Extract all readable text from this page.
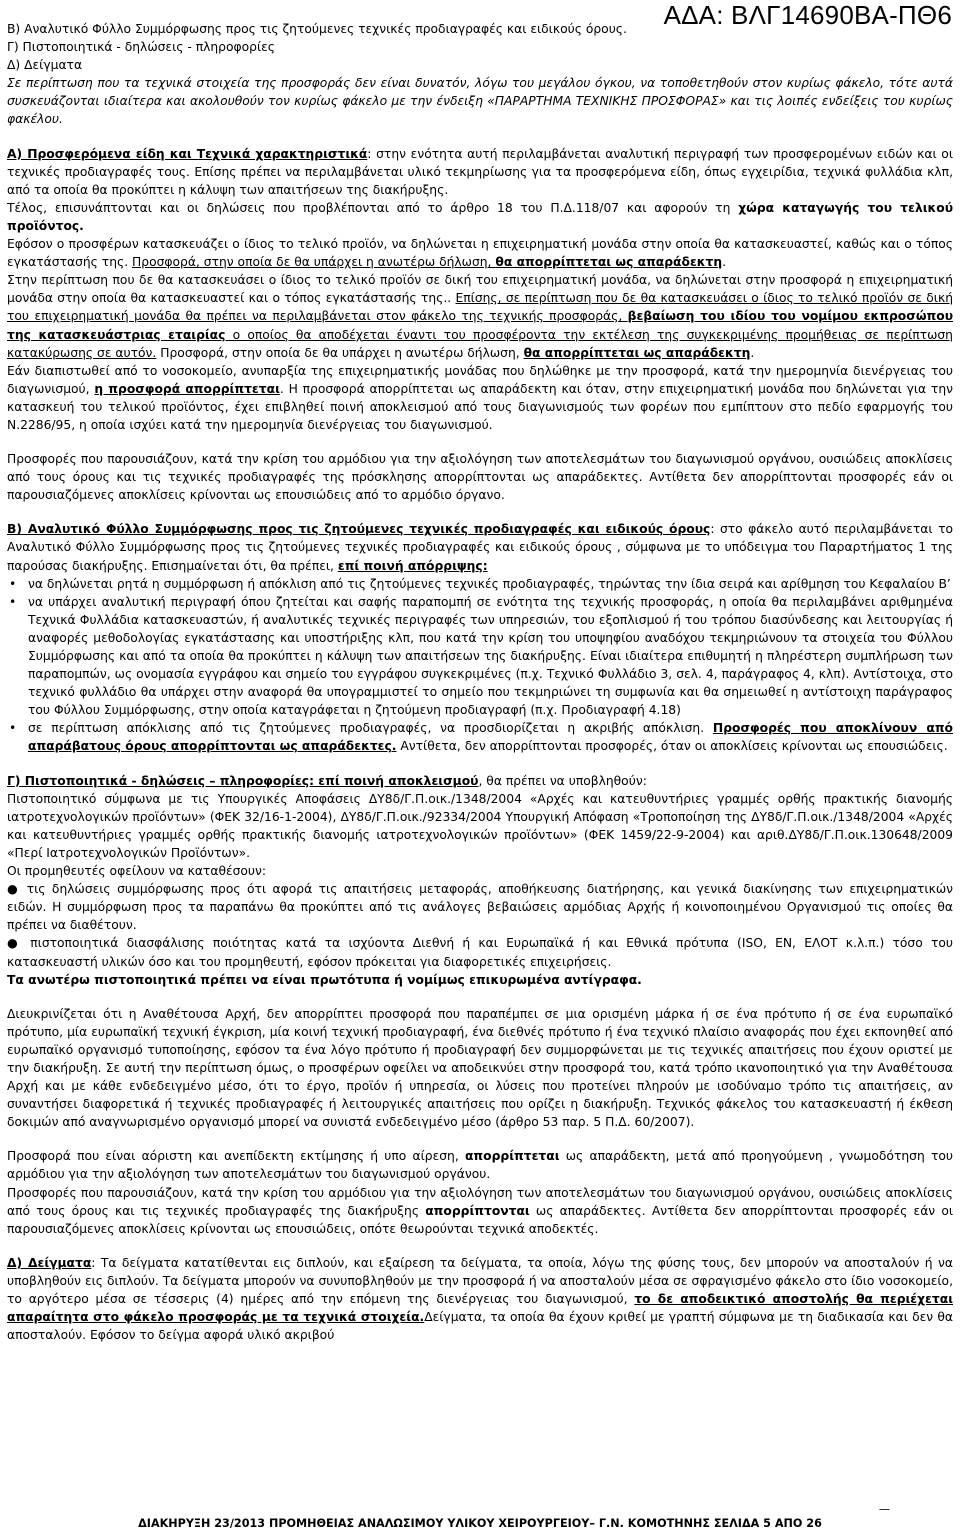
ΑΔΑ: ΒΛΓ14690ΒΑ-ΠΘ6

Β) Αναλυτικό Φύλλο Συμμόρφωσης προς τις ζητούμενες τεχνικές προδιαγραφές και ειδικούς όρους.

Γ) Πιστοποιητικά - δηλώσεις - πληροφορίες

Δ) Δείγματα

Σε περίπτωση που τα τεχνικά στοιχεία της προσφοράς δεν είναι δυνατόν, λόγω του μεγάλου όγκου, να τοποθετηθούν στον κυρίως φάκελο, τότε αυτά συσκευάζονται ιδιαίτερα και ακολουθούν τον κυρίως φάκελο με την ένδειξη «ΠΑΡΑΡΤΗΜΑ ΤΕΧΝΙΚΗΣ ΠΡΟΣΦΟΡΑΣ» και τις λοιπές ενδείξεις του κυρίως φακέλου.

Α) Προσφερόμενα είδη και Τεχνικά χαρακτηριστικά: στην ενότητα αυτή περιλαμβάνεται αναλυτική περιγραφή των προσφερομένων ειδών και οι τεχνικές προδιαγραφές τους. Επίσης πρέπει να περιλαμβάνεται υλικό τεκμηρίωσης για τα προσφερόμενα είδη, όπως εγχειρίδια, τεχνικά φυλλάδια κλπ, από τα οποία θα προκύπτει η κάλυψη των απαιτήσεων της διακήρυξης.

Τέλος, επισυνάπτονται και οι δηλώσεις που προβλέπονται από το άρθρο 18 του Π.Δ.118/07 και αφορούν τη χώρα καταγωγής του τελικού προϊόντος.

Εφόσον ο προσφέρων κατασκευάζει ο ίδιος το τελικό προϊόν, να δηλώνεται η επιχειρηματική μονάδα στην οποία θα κατασκευαστεί, καθώς και ο τόπος εγκατάστασής της. Προσφορά, στην οποία δε θα υπάρχει η ανωτέρω δήλωση, θα απορρίπτεται ως απαράδεκτη.

Στην περίπτωση που δε θα κατασκευάσει ο ίδιος το τελικό προϊόν σε δική του επιχειρηματική μονάδα, να δηλώνεται στην προσφορά η επιχειρηματική μονάδα στην οποία θα κατασκευαστεί και ο τόπος εγκατάστασής της.. Επίσης, σε περίπτωση που δε θα κατασκευάσει ο ίδιος το τελικό προϊόν σε δική του επιχειρηματική μονάδα θα πρέπει να περιλαμβάνεται στον φάκελο της τεχνικής προσφοράς, βεβαίωση του ιδίου του νομίμου εκπροσώπου της κατασκευάστριας εταιρίας ο οποίος θα αποδέχεται έναντι του προσφέροντα την εκτέλεση της συγκεκριμένης προμήθειας σε περίπτωση κατακύρωσης σε αυτόν. Προσφορά, στην οποία δε θα υπάρχει η ανωτέρω δήλωση, θα απορρίπτεται ως απαράδεκτη.

Εάν διαπιστωθεί από το νοσοκομείο, ανυπαρξία της επιχειρηματικής μονάδας που δηλώθηκε με την προσφορά, κατά την ημερομηνία διενέργειας του διαγωνισμού, η προσφορά απορρίπτεται. Η προσφορά απορρίπτεται ως απαράδεκτη και όταν, στην επιχειρηματική μονάδα που δηλώνεται για την κατασκευή του τελικού προϊόντος, έχει επιβληθεί ποινή αποκλεισμού από τους διαγωνισμούς των φορέων που εμπίπτουν στο πεδίο εφαρμογής του Ν.2286/95, η οποία ισχύει κατά την ημερομηνία διενέργειας του διαγωνισμού.

Προσφορές που παρουσιάζουν, κατά την κρίση του αρμόδιου για την αξιολόγηση των αποτελεσμάτων του διαγωνισμού οργάνου, ουσιώδεις αποκλίσεις από τους όρους και τις τεχνικές προδιαγραφές της πρόσκλησης απορρίπτονται ως απαράδεκτες. Αντίθετα δεν απορρίπτονται προσφορές εάν οι παρουσιαζόμενες αποκλίσεις κρίνονται ως επουσιώδεις από το αρμόδιο όργανο.

Β) Αναλυτικό Φύλλο Συμμόρφωσης προς τις ζητούμενες τεχνικές προδιαγραφές και ειδικούς όρους: στο φάκελο αυτό περιλαμβάνεται το Αναλυτικό Φύλλο Συμμόρφωσης προς τις ζητούμενες τεχνικές προδιαγραφές και ειδικούς όρους , σύμφωνα με το υπόδειγμα του Παραρτήματος 1 της παρούσας διακήρυξης. Επισημαίνεται ότι, θα πρέπει, επί ποινή απόρριψης:

• να δηλώνεται ρητά η συμμόρφωση ή απόκλιση από τις ζητούμενες τεχνικές προδιαγραφές, τηρώντας την ίδια σειρά και αρίθμηση του Κεφαλαίου Β’
• να υπάρχει αναλυτική περιγραφή όπου ζητείται και σαφής παραπομπή σε ενότητα της τεχνικής προσφοράς, η οποία θα περιλαμβάνει αριθμημένα Τεχνικά Φυλλάδια κατασκευαστών, ή αναλυτικές τεχνικές περιγραφές των υπηρεσιών, του εξοπλισμού ή του τρόπου διασύνδεσης και λειτουργίας ή αναφορές μεθοδολογίας εγκατάστασης και υποστήριξης κλπ, που κατά την κρίση του υποψηφίου αναδόχου τεκμηριώνουν τα στοιχεία του Φύλλου Συμμόρφωσης και από τα οποία θα προκύπτει η κάλυψη των απαιτήσεων της διακήρυξης. Είναι ιδιαίτερα επιθυμητή η πληρέστερη συμπλήρωση των παραπομπών, ως ονομασία εγγράφου και σημείο του εγγράφου συγκεκριμένες (π.χ. Τεχνικό Φυλλάδιο 3, σελ. 4, παράγραφος 4, κλπ). Αντίστοιχα, στο τεχνικό φυλλάδιο θα υπάρχει στην αναφορά θα υπογραμμιστεί το σημείο που τεκμηριώνει τη συμφωνία και θα σημειωθεί η αντίστοιχη παράγραφος του Φύλλου Συμμόρφωσης, στην οποία καταγράφεται η ζητούμενη προδιαγραφή (π.χ. Προδιαγραφή 4.18)
• σε περίπτωση απόκλισης από τις ζητούμενες προδιαγραφές, να προσδιορίζεται η ακριβής απόκλιση. Προσφορές που αποκλίνουν από απαράβατους όρους απορρίπτονται ως απαράδεκτες. Αντίθετα, δεν απορρίπτονται προσφορές, όταν οι αποκλίσεις κρίνονται ως επουσιώδεις.

Γ) Πιστοποιητικά - δηλώσεις – πληροφορίες: επί ποινή αποκλεισμού, θα πρέπει να υποβληθούν:

Πιστοποιητικό σύμφωνα με τις Υπουργικές Αποφάσεις ΔΥ8δ/Γ.Π.οικ./1348/2004 «Αρχές και κατευθυντήριες γραμμές ορθής πρακτικής διανομής ιατροτεχνολογικών προϊόντων» (ΦΕΚ 32/16-1-2004), ΔΥ8δ/Γ.Π.οικ./92334/2004 Υπουργική Απόφαση «Τροποποίηση της ΔΥ8δ/Γ.Π.οικ./1348/2004 «Αρχές και κατευθυντήριες γραμμές ορθής πρακτικής διανομής ιατροτεχνολογικών προϊόντων» (ΦΕΚ 1459/22-9-2004) και αριθ.ΔΥ8δ/Γ.Π.οικ.130648/2009 «Περί Ιατροτεχνολογικών Προϊόντων».

Οι προμηθευτές οφείλουν να καταθέσουν:

● τις δηλώσεις συμμόρφωσης προς ότι αφορά τις απαιτήσεις μεταφοράς, αποθήκευσης διατήρησης, και γενικά διακίνησης των επιχειρηματικών ειδών. Η συμμόρφωση προς τα παραπάνω θα προκύπτει από τις ανάλογες βεβαιώσεις αρμόδιας Αρχής ή κοινοποιημένου Οργανισμού τις οποίες θα πρέπει να διαθέτουν.

● πιστοποιητικά διασφάλισης ποιότητας κατά τα ισχύοντα Διεθνή ή και Ευρωπαϊκά ή και Εθνικά πρότυπα (ISO, EN, ΕΛΟΤ κ.λ.π.) τόσο του κατασκευαστή υλικών όσο και του προμηθευτή, εφόσον πρόκειται για διαφορετικές επιχειρήσεις.

Τα ανωτέρω πιστοποιητικά πρέπει να είναι πρωτότυπα ή νομίμως επικυρωμένα αντίγραφα.

Διευκρινίζεται ότι η Αναθέτουσα Αρχή, δεν απορρίπτει προσφορά που παραπέμπει σε μια ορισμένη μάρκα ή σε ένα πρότυπο ή σε ένα ευρωπαϊκό πρότυπο, μία ευρωπαϊκή τεχνική έγκριση, μία κοινή τεχνική προδιαγραφή, ένα διεθνές πρότυπο ή ένα τεχνικό πλαίσιο αναφοράς που έχει εκπονηθεί από ευρωπαϊκό οργανισμό τυποποίησης, εφόσον τα ένα λόγο πρότυπο ή προδιαγραφή δεν συμμορφώνεται με τις τεχνικές απαιτήσεις που έχουν οριστεί με την διακήρυξη. Σε αυτή την περίπτωση όμως, ο προσφέρων οφείλει να αποδεικνύει στην προσφορά του, κατά τρόπο ικανοποιητικό για την Αναθέτουσα Αρχή και με κάθε ενδεδειγμένο μέσο, ότι το έργο, προϊόν ή υπηρεσία, οι λύσεις που προτείνει πληρούν με ισοδύναμο τρόπο τις απαιτήσεις, αν συναντήσει διαφορετικά ή τεχνικές προδιαγραφές ή λειτουργικές απαιτήσεις που ορίζει η διακήρυξη. Τεχνικός φάκελος του κατασκευαστή ή έκθεση δοκιμών από αναγνωρισμένο οργανισμό μπορεί να συνιστά ενδεδειγμένο μέσο (άρθρο 53 παρ. 5 Π.Δ. 60/2007).

Προσφορά που είναι αόριστη και ανεπίδεκτη εκτίμησης ή υπο αίρεση, απορρίπτεται ως απαράδεκτη, μετά από προηγούμενη , γνωμοδότηση του αρμόδιου για την αξιολόγηση των αποτελεσμάτων του διαγωνισμού οργάνου.

Προσφορές που παρουσιάζουν, κατά την κρίση του αρμόδιου για την αξιολόγηση των αποτελεσμάτων του διαγωνισμού οργάνου, ουσιώδεις αποκλίσεις από τους όρους και τις τεχνικές προδιαγραφές της διακήρυξης απορρίπτονται ως απαράδεκτες. Αντίθετα δεν απορρίπτονται προσφορές εάν οι παρουσιαζόμενες αποκλίσεις κρίνονται ως επουσιώδεις, οπότε θεωρούνται τεχνικά αποδεκτές.

Δ) Δείγματα: Τα δείγματα κατατίθενται εις διπλούν, και εξαίρεση τα δείγματα, τα οποία, λόγω της φύσης τους, δεν μπορούν να αποσταλούν ή να υποβληθούν εις διπλούν. Τα δείγματα μπορούν να συνυποβληθούν με την προσφορά ή να αποσταλούν μέσα σε σφραγισμένο φάκελο στο ίδιο νοσοκομείο, το αργότερο μέσα σε τέσσερις (4) ημέρες από την επόμενη της διενέργειας του διαγωνισμού, το δε αποδεικτικό αποστολής θα περιέχεται απαραίτητα στο φάκελο προσφοράς με τα τεχνικά στοιχεία.Δείγματα, τα οποία θα έχουν κριθεί με γραπτή σύμφωνα με τη διαδικασία και δεν θα αποσταλούν. Εφόσον το δείγμα αφορά υλικό ακριβού

ΔΙΑΚΗΡΥΞΗ 23/2013 ΠΡΟΜΗΘΕΙΑΣ ΑΝΑΛΩΣΙΜΟΥ ΥΛΙΚΟΥ ΧΕΙΡΟΥΡΓΕΙΟΥ– Γ.Ν. ΚΟΜΟΤΗΝΗΣ ΣΕΛΙΔΑ 5 ΑΠΟ 26
—
